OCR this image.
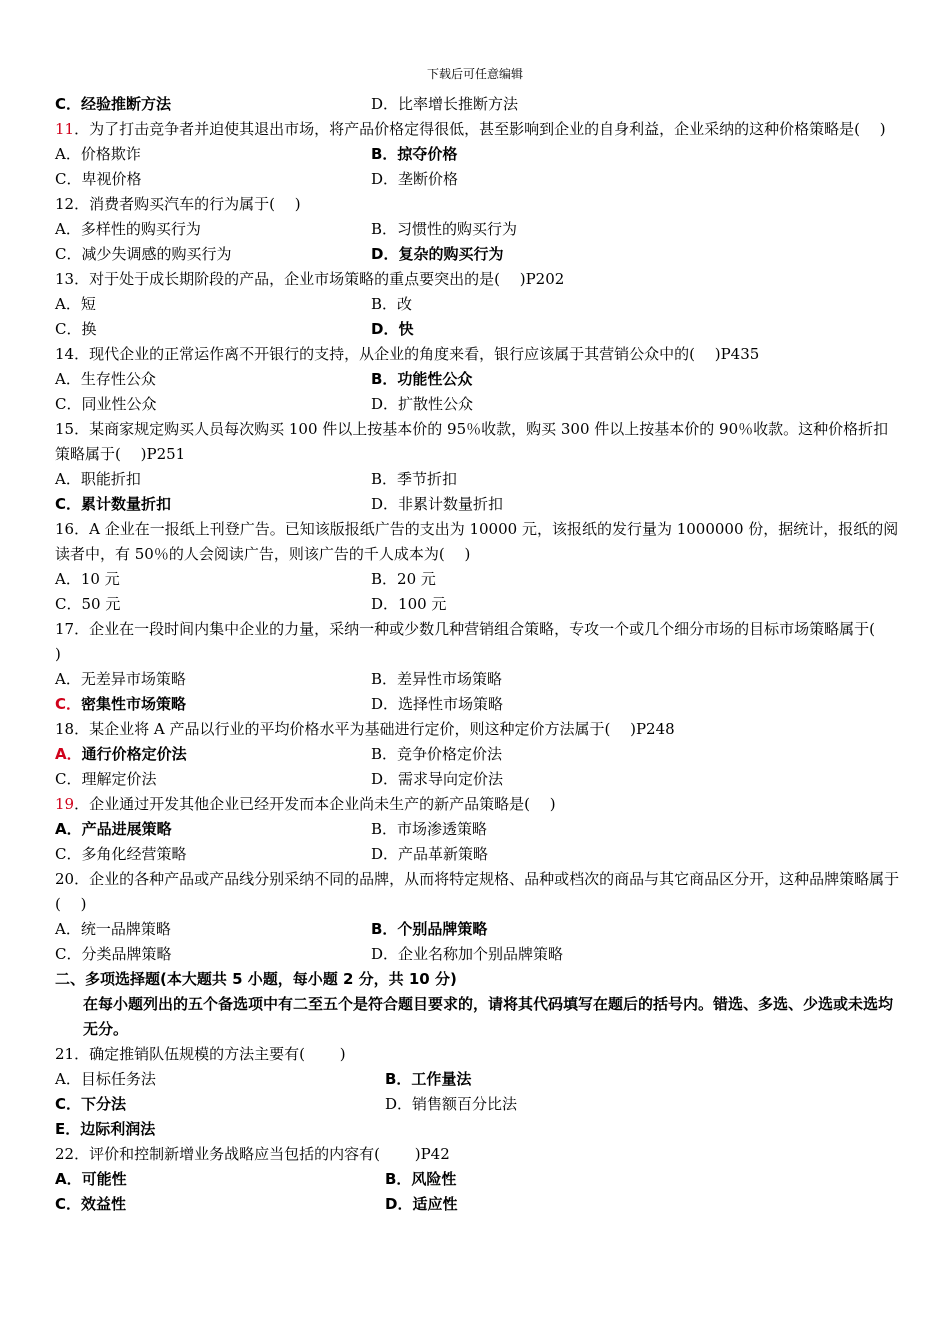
下载后可任意编辑
C．经验推断方法	D．比率增长推断方法
11．为了打击竞争者并迫使其退出市场，将产品价格定得很低，甚至影响到企业的自身利益，企业采纳的这种价格策略是(　 )
A．价格欺诈	B．掠夺价格
C．卑视价格	D．垄断价格
12．消费者购买汽车的行为属于(　 )
A．多样性的购买行为	B．习惯性的购买行为
C．减少失调感的购买行为	D．复杂的购买行为
13．对于处于成长期阶段的产品，企业市场策略的重点要突出的是(　 )P202
A．短	B．改
C．换	D．快
14．现代企业的正常运作离不开银行的支持，从企业的角度来看，银行应该属于其营销公众中的(　 )P435
A．生存性公众	B．功能性公众
C．同业性公众	D．扩散性公众
15．某商家规定购买人员每次购买 100 件以上按基本价的 95％收款，购买 300 件以上按基本价的 90％收款。这种价格折扣策略属于(　 )P251
A．职能折扣	B．季节折扣
C．累计数量折扣	D．非累计数量折扣
16．A 企业在一报纸上刊登广告。已知该版报纸广告的支出为 10000 元，该报纸的发行量为 1000000 份，据统计，报纸的阅读者中，有 50％的人会阅读广告，则该广告的千人成本为(　 )
A．10 元	B．20 元
C．50 元	D．100 元
17．企业在一段时间内集中企业的力量，采纳一种或少数几种营销组合策略，专攻一个或几个细分市场的目标市场策略属于(　 )
A．无差异市场策略	B．差异性市场策略
C．密集性市场策略	D．选择性市场策略
18．某企业将 A 产品以行业的平均价格水平为基础进行定价，则这种定价方法属于(　 )P248
A．通行价格定价法	B．竞争价格定价法
C．理解定价法	D．需求导向定价法
19．企业通过开发其他企业已经开发而本企业尚未生产的新产品策略是(　 )
A．产品进展策略	B．市场渗透策略
C．多角化经营策略	D．产品革新策略
20．企业的各种产品或产品线分别采纳不同的品牌，从而将特定规格、品种或档次的商品与其它商品区分开，这种品牌策略属于(　 )
A．统一品牌策略	B．个别品牌策略
C．分类品牌策略	D．企业名称加个别品牌策略
二、多项选择题(本大题共 5 小题，每小题 2 分，共 10 分)
在每小题列出的五个备选项中有二至五个是符合题目要求的，请将其代码填写在题后的括号内。错选、多选、少选或未选均无分。
21．确定推销队伍规模的方法主要有(　　 )
A．目标任务法	B．工作量法
C．下分法	D．销售额百分比法
E．边际利润法
22．评价和控制新增业务战略应当包括的内容有(　　 )P42
A．可能性	B．风险性
C．效益性	D．适应性
